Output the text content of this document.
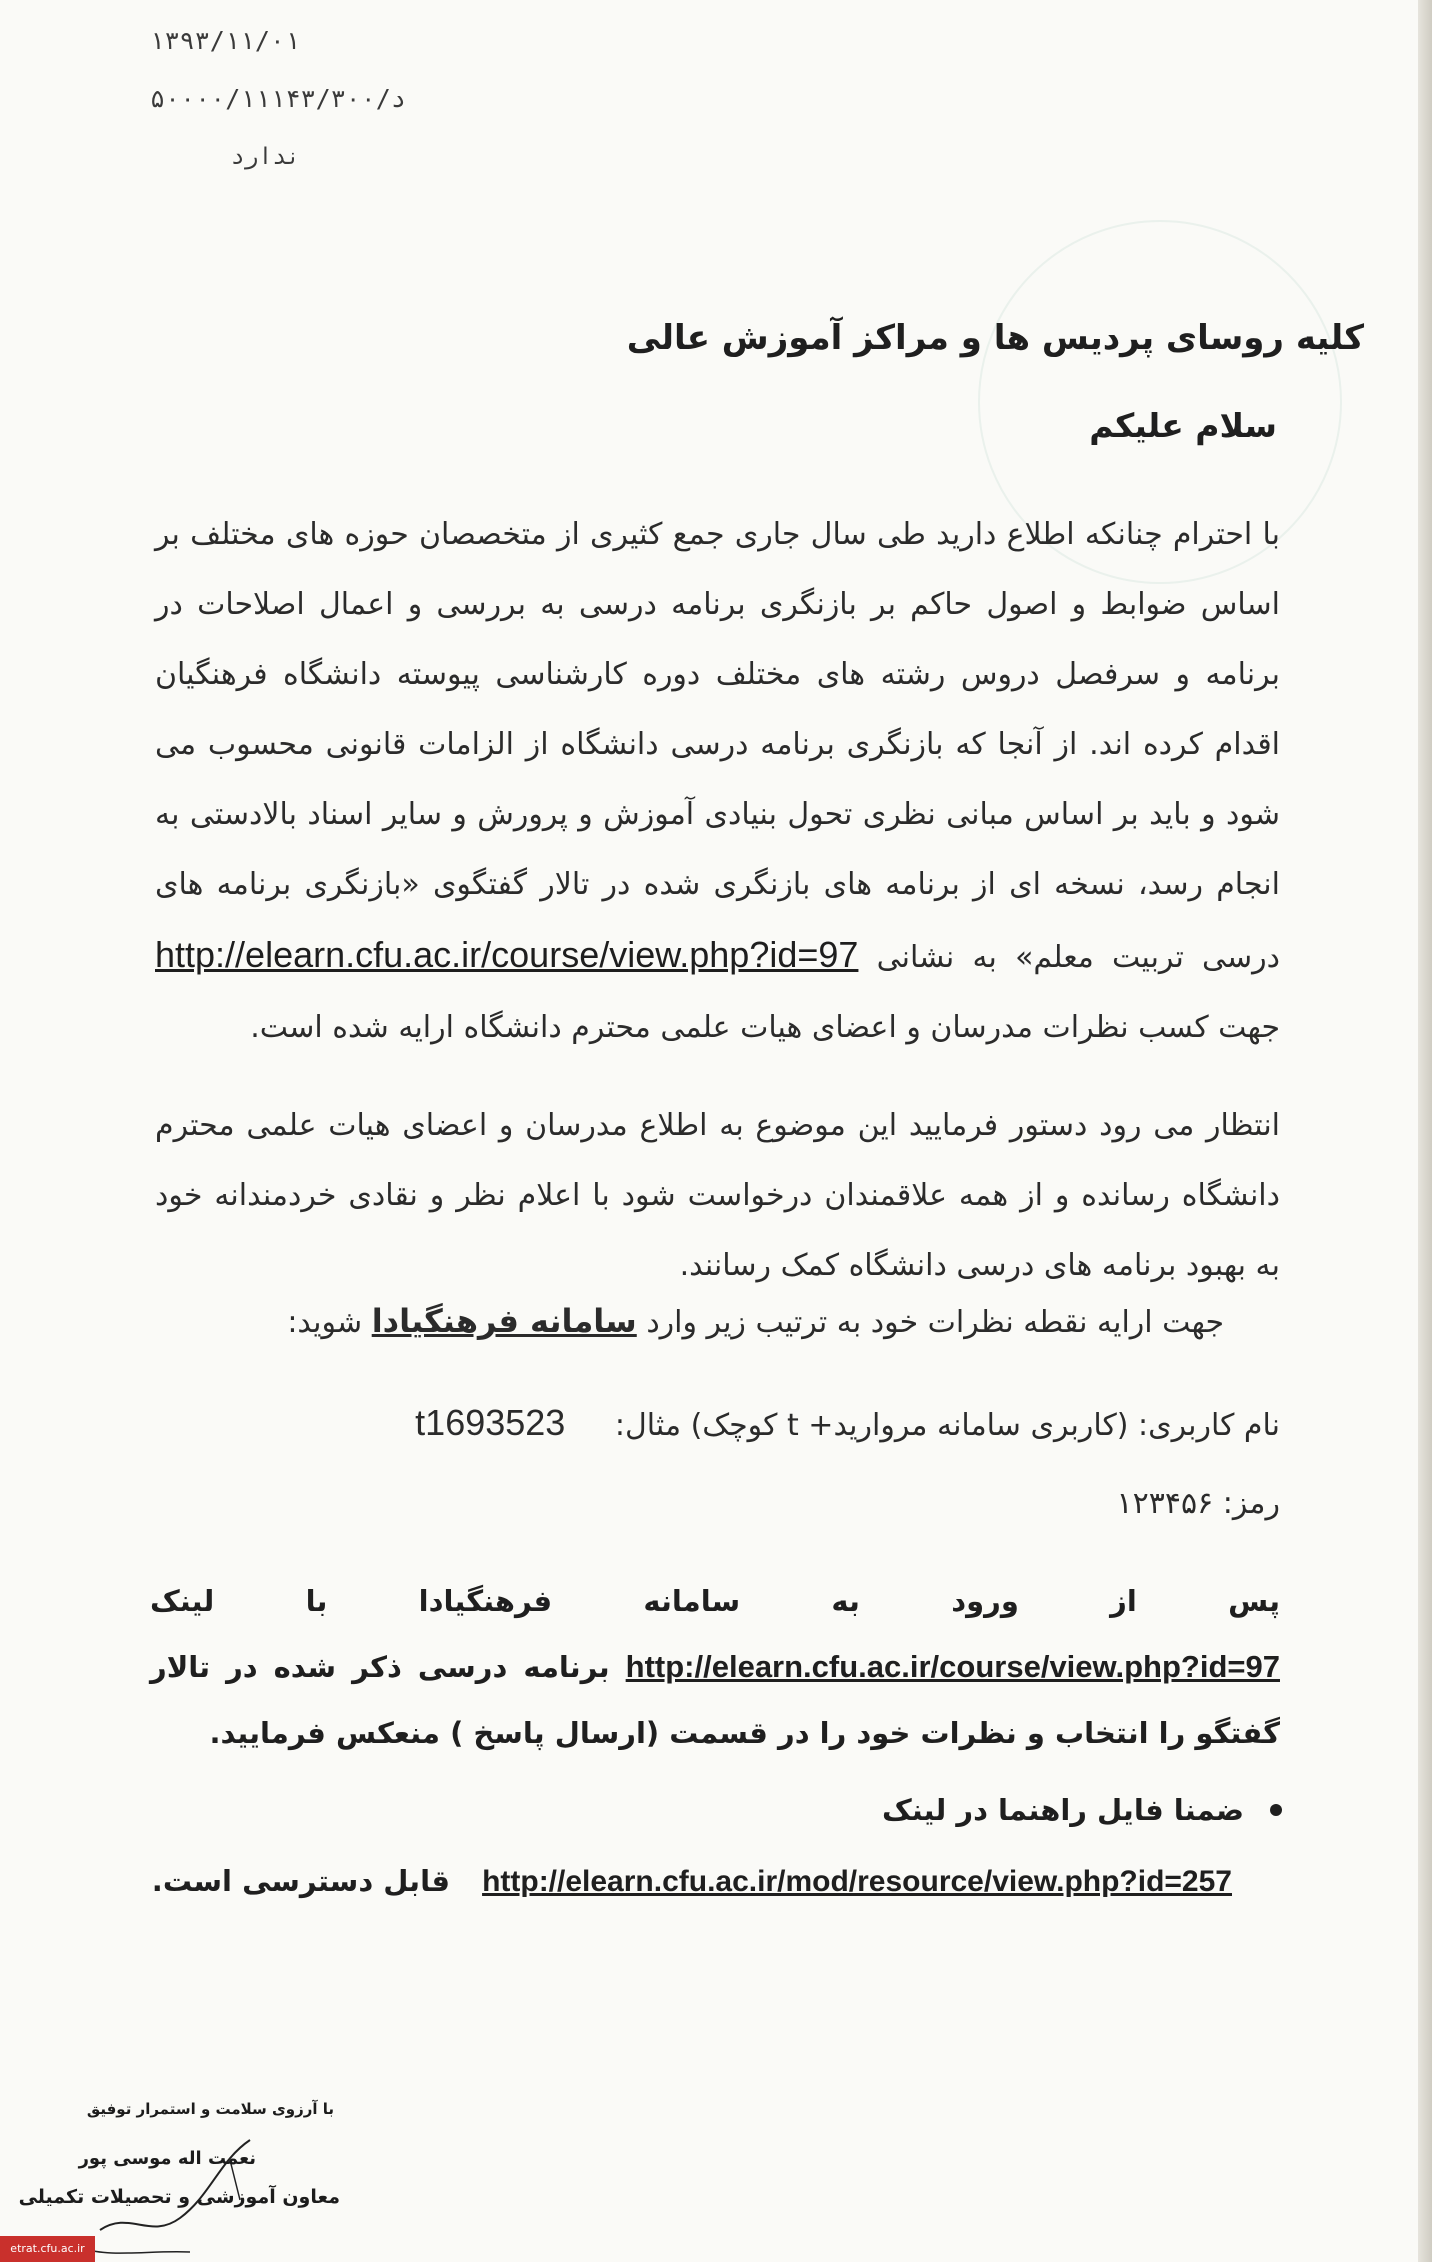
۱۳۹۳/۱۱/۰۱
۵۰۰۰۰/۱۱۱۴۳/۳۰۰/د
ندارد
کلیه روسای پردیس ها و مراکز آموزش عالی
سلام علیکم

با احترام چنانکه اطلاع دارید طی سال جاری جمع کثیری از متخصصان حوزه های مختلف بر اساس ضوابط و اصول حاکم بر بازنگری برنامه درسی به بررسی و اعمال اصلاحات در برنامه و سرفصل دروس رشته های مختلف دوره کارشناسی پیوسته دانشگاه فرهنگیان اقدام کرده اند. از آنجا که بازنگری برنامه درسی دانشگاه از الزامات قانونی محسوب می شود و باید بر اساس مبانی نظری تحول بنیادی آموزش و پرورش و سایر اسناد بالادستی به انجام رسد، نسخه ای از برنامه های بازنگری شده در تالار گفتگوی «بازنگری برنامه های درسی تربیت معلم» به نشانی http://elearn.cfu.ac.ir/course/view.php?id=97 جهت کسب نظرات مدرسان و اعضای هیات علمی محترم دانشگاه ارایه شده است.

انتظار می رود دستور فرمایید این موضوع به اطلاع مدرسان و اعضای هیات علمی محترم دانشگاه رسانده و از همه علاقمندان درخواست شود با اعلام نظر و نقادی خردمندانه خود به بهبود برنامه های درسی دانشگاه کمک رسانند.

جهت ارایه نقطه نظرات خود به ترتیب زیر وارد سامانه فرهنگیادا شوید:
نام کاربری: (کاربری سامانه مروارید+ t کوچک) مثال: t1693523
رمز: ۱۲۳۴۵۶
پس از ورود به سامانه فرهنگیادا با لینک http://elearn.cfu.ac.ir/course/view.php?id=97 برنامه درسی ذکر شده در تالار گفتگو را انتخاب و نظرات خود را در قسمت (ارسال پاسخ ) منعکس فرمایید.
ضمنا فایل راهنما در لینک
http://elearn.cfu.ac.ir/mod/resource/view.php?id=257 قابل دسترسی است.
با آرزوی سلامت و استمرار توفیق
نعمت اله موسی پور
معاون آموزشی و تحصیلات تکمیلی
etrat.cfu.ac.ir
